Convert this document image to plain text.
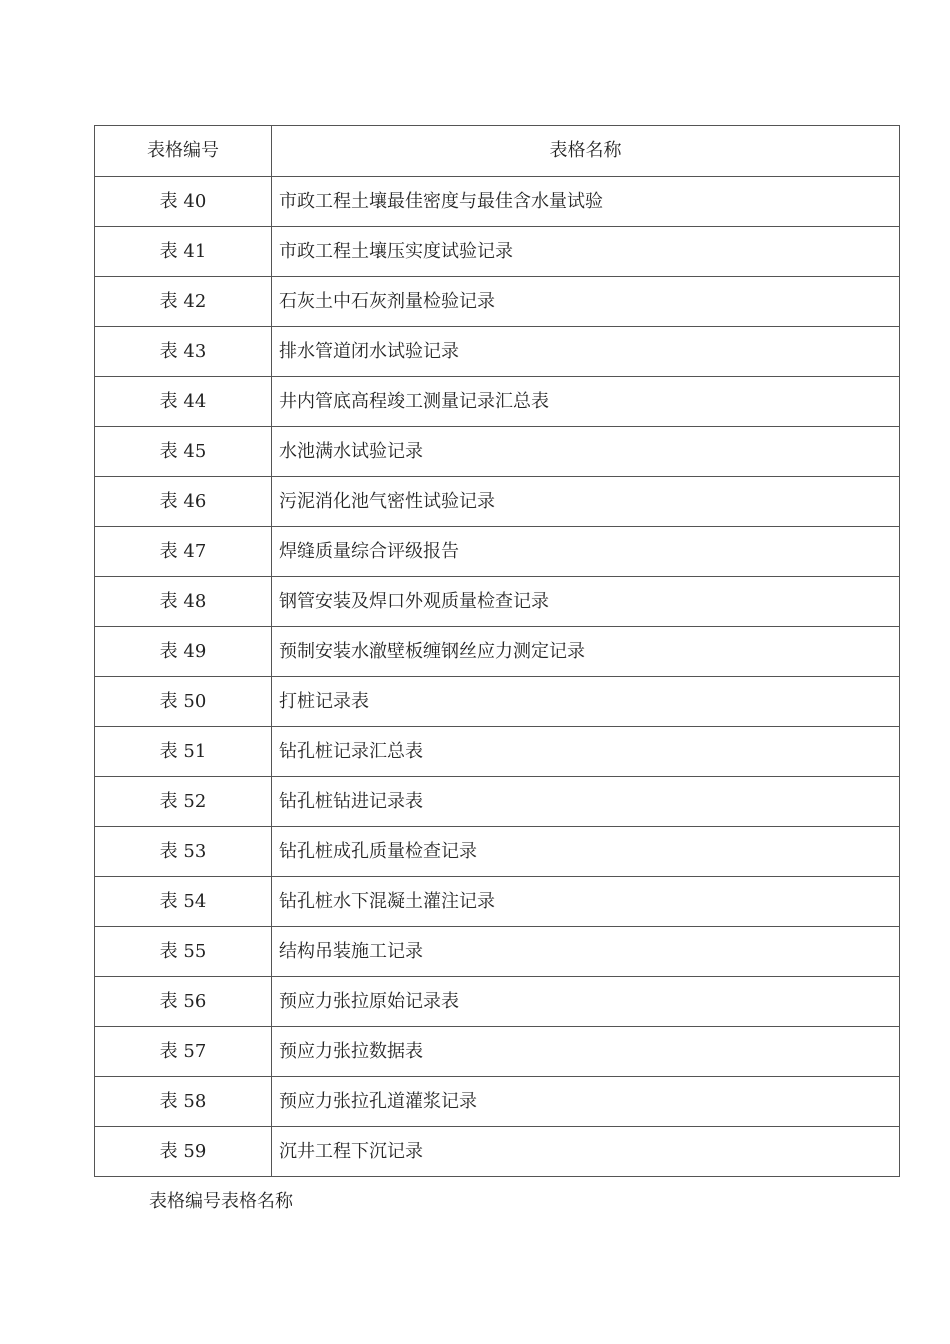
表格编号	表格名称
表 40	市政工程土壤最佳密度与最佳含水量试验
表 41	市政工程土壤压实度试验记录
表 42	石灰土中石灰剂量检验记录
表 43	排水管道闭水试验记录
表 44	井内管底高程竣工测量记录汇总表
表 45	水池满水试验记录
表 46	污泥消化池气密性试验记录
表 47	焊缝质量综合评级报告
表 48	钢管安装及焊口外观质量检查记录
表 49	预制安装水澈壁板缠钢丝应力测定记录
表 50	打桩记录表
表 51	钻孔桩记录汇总表
表 52	钻孔桩钻进记录表
表 53	钻孔桩成孔质量检查记录
表 54	钻孔桩水下混凝土灌注记录
表 55	结构吊装施工记录
表 56	预应力张拉原始记录表
表 57	预应力张拉数据表
表 58	预应力张拉孔道灌浆记录
表 59	沉井工程下沉记录
表格编号表格名称
